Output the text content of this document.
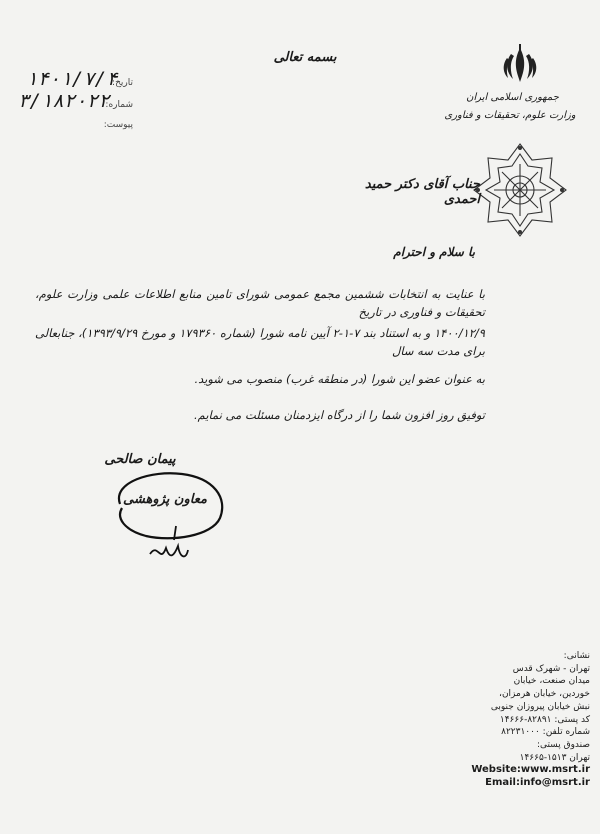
بسمه تعالی
جمهوری اسلامی ایران
وزارت علوم، تحقیقات و فناوری
۱۴۰۱/۷/۴
تاریخ:
۳/۱۸۲۰۲۲
شماره:
پیوست:
جناب آقای دکتر حمید احمدی
با سلام و احترام
با عنایت به انتخابات ششمین مجمع عمومی شورای تامین منابع اطلاعات علمی وزارت علوم، تحقیقات و فناوری در تاریخ
۱۴۰۰/۱۲/۹ و به استناد بند ۷-۱-۲ آیین نامه شورا (شماره ۱۷۹۳۶۰ و مورخ ۱۳۹۳/۹/۲۹)، جنابعالی برای مدت سه سال
به عنوان عضو این شورا (در منطقه غرب) منصوب می شوید.
توفیق روز افزون شما را از درگاه ایزدمنان مسئلت می نمایم.
پیمان صالحی
معاون پژوهشی
نشانی:
تهران - شهرک قدس
میدان صنعت، خیابان
خوردین، خیابان هرمزان،
نبش خیابان پیروزان جنوبی
کد پستی: ۸۲۸۹۱-۱۴۶۶۶
شماره تلفن: ۸۲۲۳۱۰۰۰
صندوق پستی:
تهران ۱۵۱۳-۱۴۶۶۵
Website:www.msrt.ir
Email:info@msrt.ir
